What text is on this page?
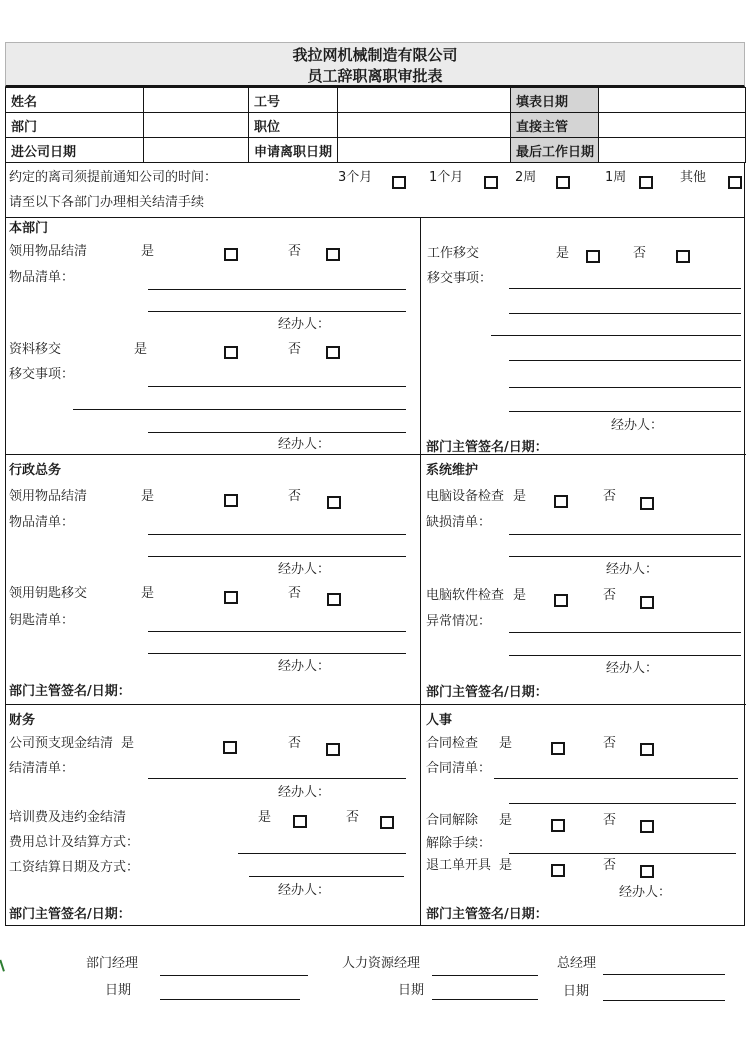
我拉网机械制造有限公司
员工辞职离职审批表
姓名		工号		填表日期	
部门		职位		直接主管	
进公司日期		申请离职日期		最后工作日期	
约定的离司须提前通知公司的时间：	3个月	1个月	2周	1周	其他
请至以下各部门办理相关结清手续
本部门
领用物品结清	是	否
物品清单：
经办人：
资料移交	是	否
移交事项：
经办人：
工作移交	是	否
移交事项：
经办人：
部门主管签名/日期：
行政总务
领用物品结清	是	否
物品清单：
经办人：
领用钥匙移交	是	否
钥匙清单：
经办人：
部门主管签名/日期：
系统维护
电脑设备检查 是	否
缺损清单：
经办人：
电脑软件检查 是	否
异常情况：
经办人：
部门主管签名/日期：
财务
公司预支现金结清 是	否
结清清单：
经办人：
培训费及违约金结清	是	否
费用总计及结算方式：
工资结算日期及方式：
经办人：
部门主管签名/日期：
人事
合同检查 是	否
合同清单：
合同解除 是	否
解除手续：
退工单开具 是	否
经办人：
部门主管签名/日期：
部门经理
日期
人力资源经理
日期
总经理
日期
